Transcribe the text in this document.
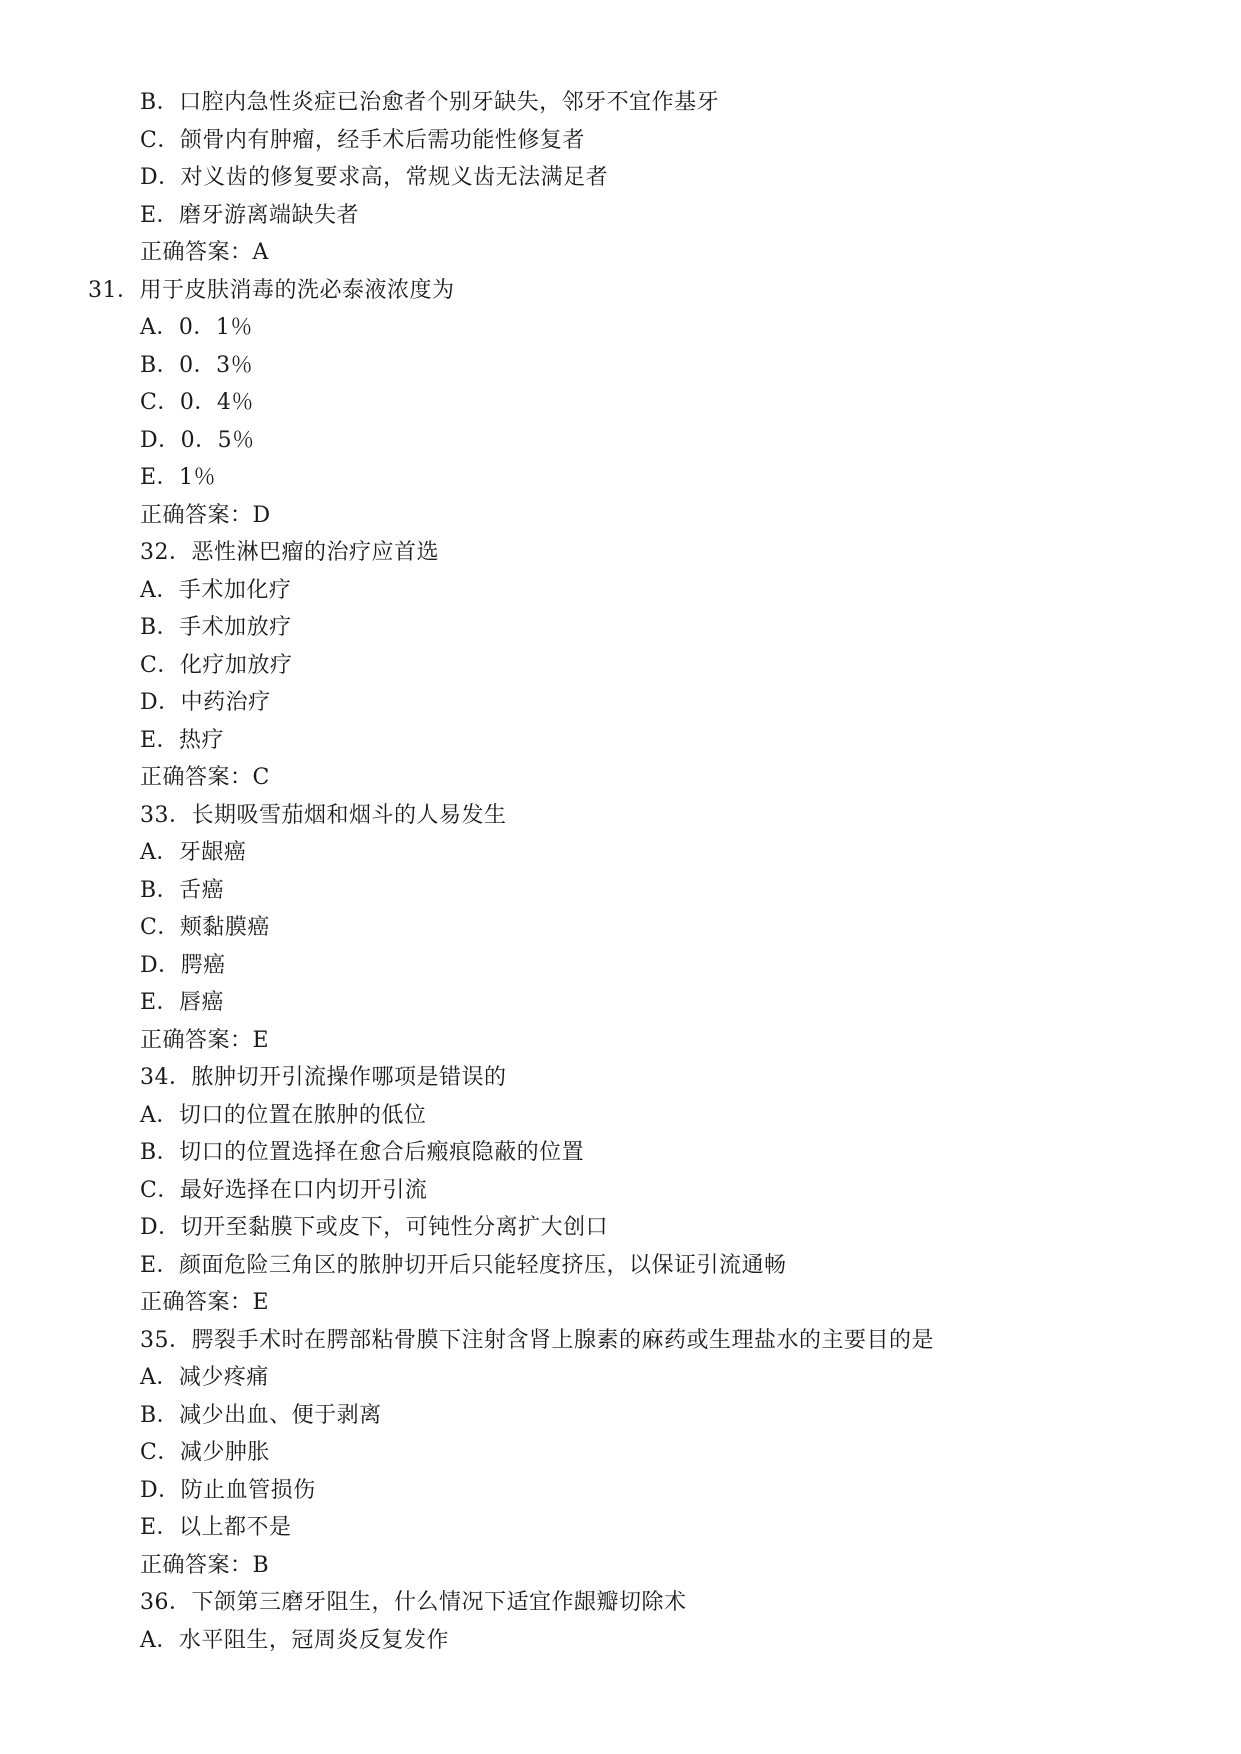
B．口腔内急性炎症已治愈者个别牙缺失，邻牙不宜作基牙
C．颌骨内有肿瘤，经手术后需功能性修复者
D．对义齿的修复要求高，常规义齿无法满足者
E．磨牙游离端缺失者
正确答案：A
31．用于皮肤消毒的洗必泰液浓度为
A．0．1％
B．0．3％
C．0．4％
D．0．5％
E．1％
正确答案：D
32．恶性淋巴瘤的治疗应首选
A．手术加化疗
B．手术加放疗
C．化疗加放疗
D．中药治疗
E．热疗
正确答案：C
33．长期吸雪茄烟和烟斗的人易发生
A．牙龈癌
B．舌癌
C．颊黏膜癌
D．腭癌
E．唇癌
正确答案：E
34．脓肿切开引流操作哪项是错误的
A．切口的位置在脓肿的低位
B．切口的位置选择在愈合后瘢痕隐蔽的位置
C．最好选择在口内切开引流
D．切开至黏膜下或皮下，可钝性分离扩大创口
E．颜面危险三角区的脓肿切开后只能轻度挤压，以保证引流通畅
正确答案：E
35．腭裂手术时在腭部粘骨膜下注射含肾上腺素的麻药或生理盐水的主要目的是
A．减少疼痛
B．减少出血、便于剥离
C．减少肿胀
D．防止血管损伤
E．以上都不是
正确答案：B
36．下颌第三磨牙阻生，什么情况下适宜作龈瓣切除术
A．水平阻生，冠周炎反复发作
